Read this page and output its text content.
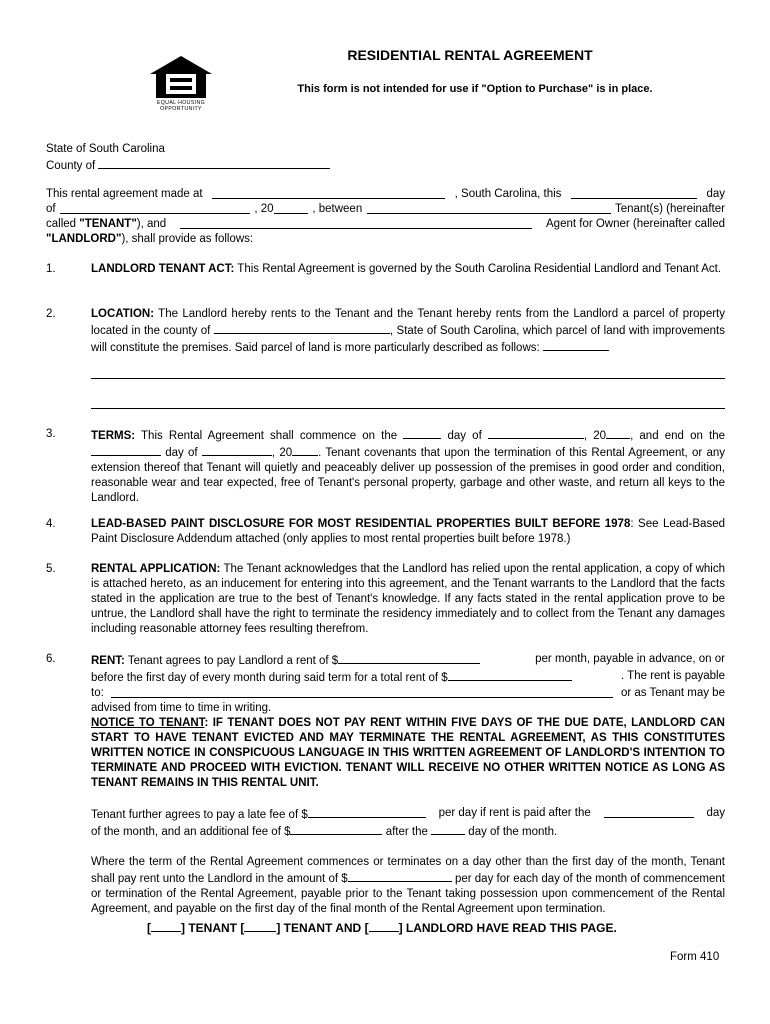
EQUAL HOUSING OPPORTUNITY
RESIDENTIAL RENTAL AGREEMENT
This form is not intended for use if "Option to Purchase" is in place.
State of South Carolina
County of
This rental agreement made at	, South Carolina, this	day
of	, 20	, between	Tenant(s) (hereinafter
called "TENANT"), and	Agent for Owner (hereinafter called
"LANDLORD"), shall provide as follows:
1.	LANDLORD TENANT ACT: This Rental Agreement is governed by the South Carolina Residential Landlord and Tenant Act.
2.	LOCATION: The Landlord hereby rents to the Tenant and the Tenant hereby rents from the Landlord a parcel of property located in the county of	, State of South Carolina, which parcel of land with improvements will constitute the premises. Said parcel of land is more particularly described as follows:
3.	TERMS: This Rental Agreement shall commence on the	day of	, 20 , and end on the  day of	, 20 . Tenant covenants that upon the termination of this Rental Agreement, or any extension thereof that Tenant will quietly and peaceably deliver up possession of the premises in good order and condition, reasonable wear and tear expected, free of Tenant's personal property, garbage and other waste, and return all keys to the Landlord.
4.	LEAD-BASED PAINT DISCLOSURE FOR MOST RESIDENTIAL PROPERTIES BUILT BEFORE 1978: See Lead-Based Paint Disclosure Addendum attached (only applies to most rental properties built before 1978.)
5.	RENTAL APPLICATION: The Tenant acknowledges that the Landlord has relied upon the rental application, a copy of which is attached hereto, as an inducement for entering into this agreement, and the Tenant warrants to the Landlord that the facts stated in the application are true to the best of Tenant's knowledge. If any facts stated in the rental application prove to be untrue, the Landlord shall have the right to terminate the residency immediately and to collect from the Tenant any damages including reasonable attorney fees resulting therefrom.
6.	RENT: Tenant agrees to pay Landlord a rent of $	per month, payable in advance, on or
before the first day of every month during said term for a total rent of $	. The rent is payable
to:	or as Tenant may be
advised from time to time in writing.
NOTICE TO TENANT: IF TENANT DOES NOT PAY RENT WITHIN FIVE DAYS OF THE DUE DATE, LANDLORD CAN START TO HAVE TENANT EVICTED AND MAY TERMINATE THE RENTAL AGREEMENT, AS THIS CONSTITUTES WRITTEN NOTICE IN CONSPICUOUS LANGUAGE IN THIS WRITTEN AGREEMENT OF LANDLORD'S INTENTION TO TERMINATE AND PROCEED WITH EVICTION. TENANT WILL RECEIVE NO OTHER WRITTEN NOTICE AS LONG AS TENANT REMAINS IN THIS RENTAL UNIT.
Tenant further agrees to pay a late fee of $	per day if rent is paid after the	day
of the month, and an additional fee of $	after the	day of the month.
Where the term of the Rental Agreement commences or terminates on a day other than the first day of the month, Tenant shall pay rent unto the Landlord in the amount of $	per day for each day of the month of commencement or termination of the Rental Agreement, payable prior to the Tenant taking possession upon commencement of the Rental Agreement, and payable on the first day of the final month of the Rental Agreement upon termination.
[	] TENANT [	] TENANT AND [	] LANDLORD HAVE READ THIS PAGE.
Form 410
